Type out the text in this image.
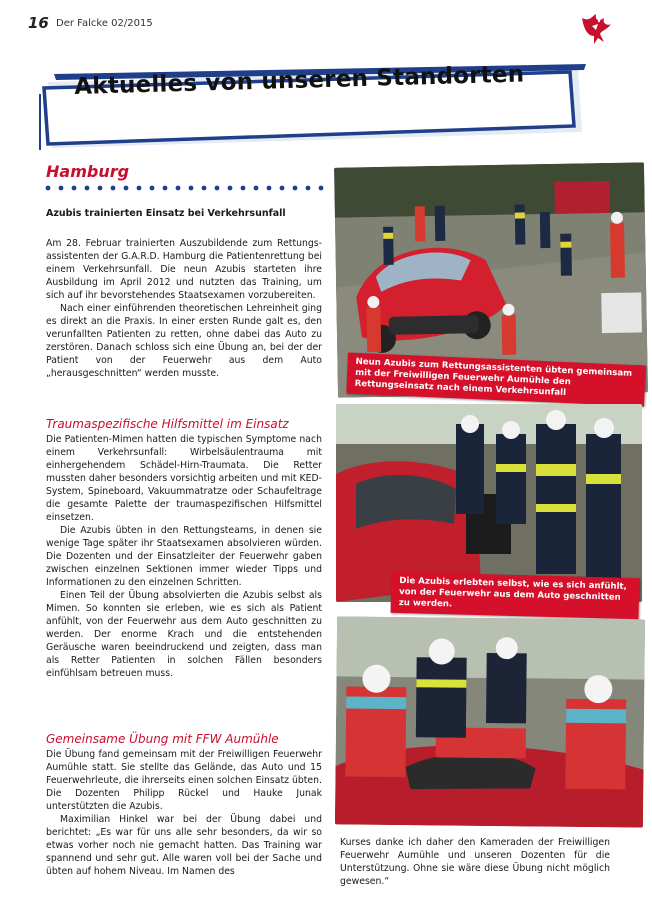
16 Der Falcke 02/2015
Aktuelles von unseren Standorten
Hamburg
Azubis trainierten Einsatz bei Verkehrsunfall

Am 28. Februar trainierten Auszubildende zum Rettungsassistenten der G.A.R.D. Hamburg die Patientenrettung bei einem Verkehrsunfall. Die neun Azubis starteten ihre Ausbildung im April 2012 und nutzten das Training, um sich auf ihr bevorstehendes Staatsexamen vorzubereiten.

Nach einer einführenden theoretischen Lehreinheit ging es direkt an die Praxis. In einer ersten Runde galt es, den verunfallten Patienten zu retten, ohne dabei das Auto zu zerstören. Danach schloss sich eine Übung an, bei der der Patient von der Feuerwehr aus dem Auto „herausgeschnitten“ werden musste.

Traumaspezifische Hilfsmittel im Einsatz

Die Patienten-Mimen hatten die typischen Symptome nach einem Verkehrsunfall: Wirbelsäulentrauma mit einhergehendem Schädel-Hirn-Traumata. Die Retter mussten daher besonders vorsichtig arbeiten und mit KED-System, Spineboard, Vakuummatratze oder Schaufeltrage die gesamte Palette der traumaspezifischen Hilfsmittel einsetzen.

Die Azubis übten in den Rettungsteams, in denen sie wenige Tage später ihr Staatsexamen absolvieren würden. Die Dozenten und der Einsatzleiter der Feuerwehr gaben zwischen einzelnen Sektionen immer wieder Tipps und Informationen zu den einzelnen Schritten.

Einen Teil der Übung absolvierten die Azubis selbst als Mimen. So konnten sie erleben, wie es sich als Patient anfühlt, von der Feuerwehr aus dem Auto geschnitten zu werden. Der enorme Krach und die entstehenden Geräusche waren beeindruckend und zeigten, dass man als Retter Patienten in solchen Fällen besonders einfühlsam betreuen muss.

Gemeinsame Übung mit FFW Aumühle

Die Übung fand gemeinsam mit der Freiwilligen Feuerwehr Aumühle statt. Sie stellte das Gelände, das Auto und 15 Feuerwehrleute, die ihrerseits einen solchen Einsatz übten. Die Dozenten Philipp Rückel und Hauke Junak unterstützten die Azubis.

Maximilian Hinkel war bei der Übung dabei und berichtet: „Es war für uns alle sehr besonders, da wir so etwas vorher noch nie gemacht hatten. Das Training war spannend und sehr gut. Alle waren voll bei der Sache und übten auf hohem Niveau. Im Namen des

Kurses danke ich daher den Kameraden der Freiwilligen Feuerwehr Aumühle und unseren Dozenten für die Unterstützung. Ohne sie wäre diese Übung nicht möglich gewesen.“

Neun Azubis zum Rettungsassistenten übten gemeinsam mit der Freiwilligen Feuerwehr Aumühle den Rettungseinsatz nach einem Verkehrsunfall
Die Azubis erlebten selbst, wie es sich anfühlt, von der Feuerwehr aus dem Auto geschnitten zu werden.
